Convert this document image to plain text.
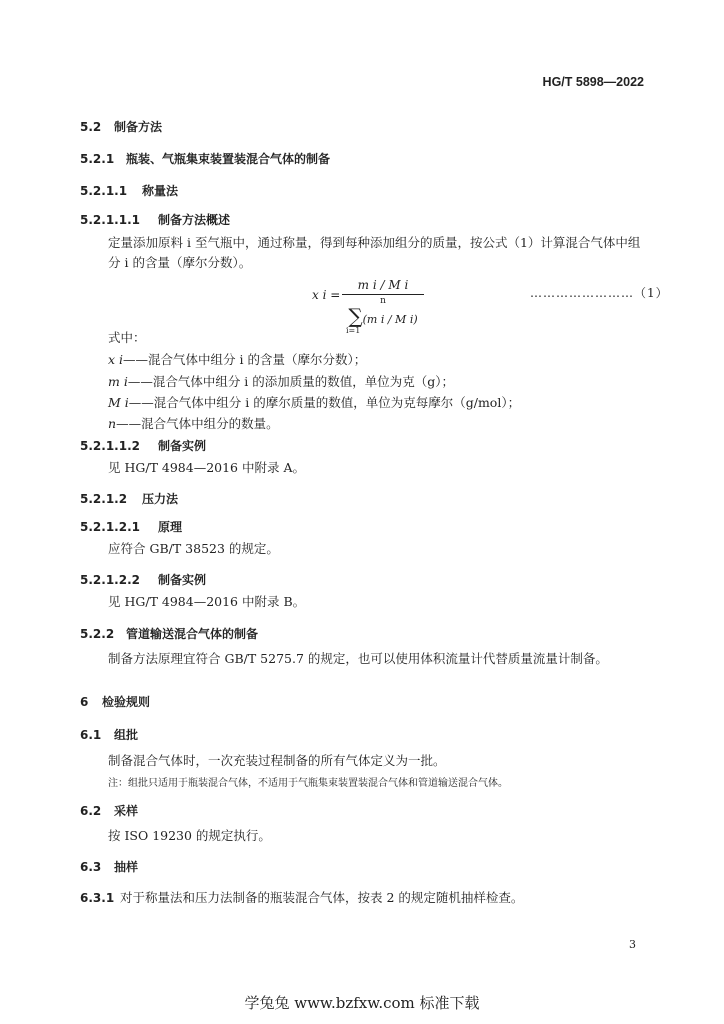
HG/T 5898—2022
5.2 制备方法
5.2.1 瓶装、气瓶集束装置装混合气体的制备
5.2.1.1 称量法
5.2.1.1.1 制备方法概述
定量添加原料 i 至气瓶中，通过称量，得到每种添加组分的质量，按公式（1）计算混合气体中组分 i 的含量（摩尔分数）。
x i =
m i / M i
n
∑(m i / M i)
i=1
……………………（1）
式中：
x i——混合气体中组分 i 的含量（摩尔分数）；
m i——混合气体中组分 i 的添加质量的数值，单位为克（g）；
M i——混合气体中组分 i 的摩尔质量的数值，单位为克每摩尔（g/mol）；
n——混合气体中组分的数量。
5.2.1.1.2 制备实例
见 HG/T 4984—2016 中附录 A。
5.2.1.2 压力法
5.2.1.2.1 原理
应符合 GB/T 38523 的规定。
5.2.1.2.2 制备实例
见 HG/T 4984—2016 中附录 B。
5.2.2 管道输送混合气体的制备
制备方法原理宜符合 GB/T 5275.7 的规定，也可以使用体积流量计代替质量流量计制备。
6 检验规则
6.1 组批
制备混合气体时，一次充装过程制备的所有气体定义为一批。
注：组批只适用于瓶装混合气体，不适用于气瓶集束装置装混合气体和管道输送混合气体。
6.2 采样
按 ISO 19230 的规定执行。
6.3 抽样
6.3.1 对于称量法和压力法制备的瓶装混合气体，按表 2 的规定随机抽样检查。
3
学兔兔 www.bzfxw.com 标准下载
